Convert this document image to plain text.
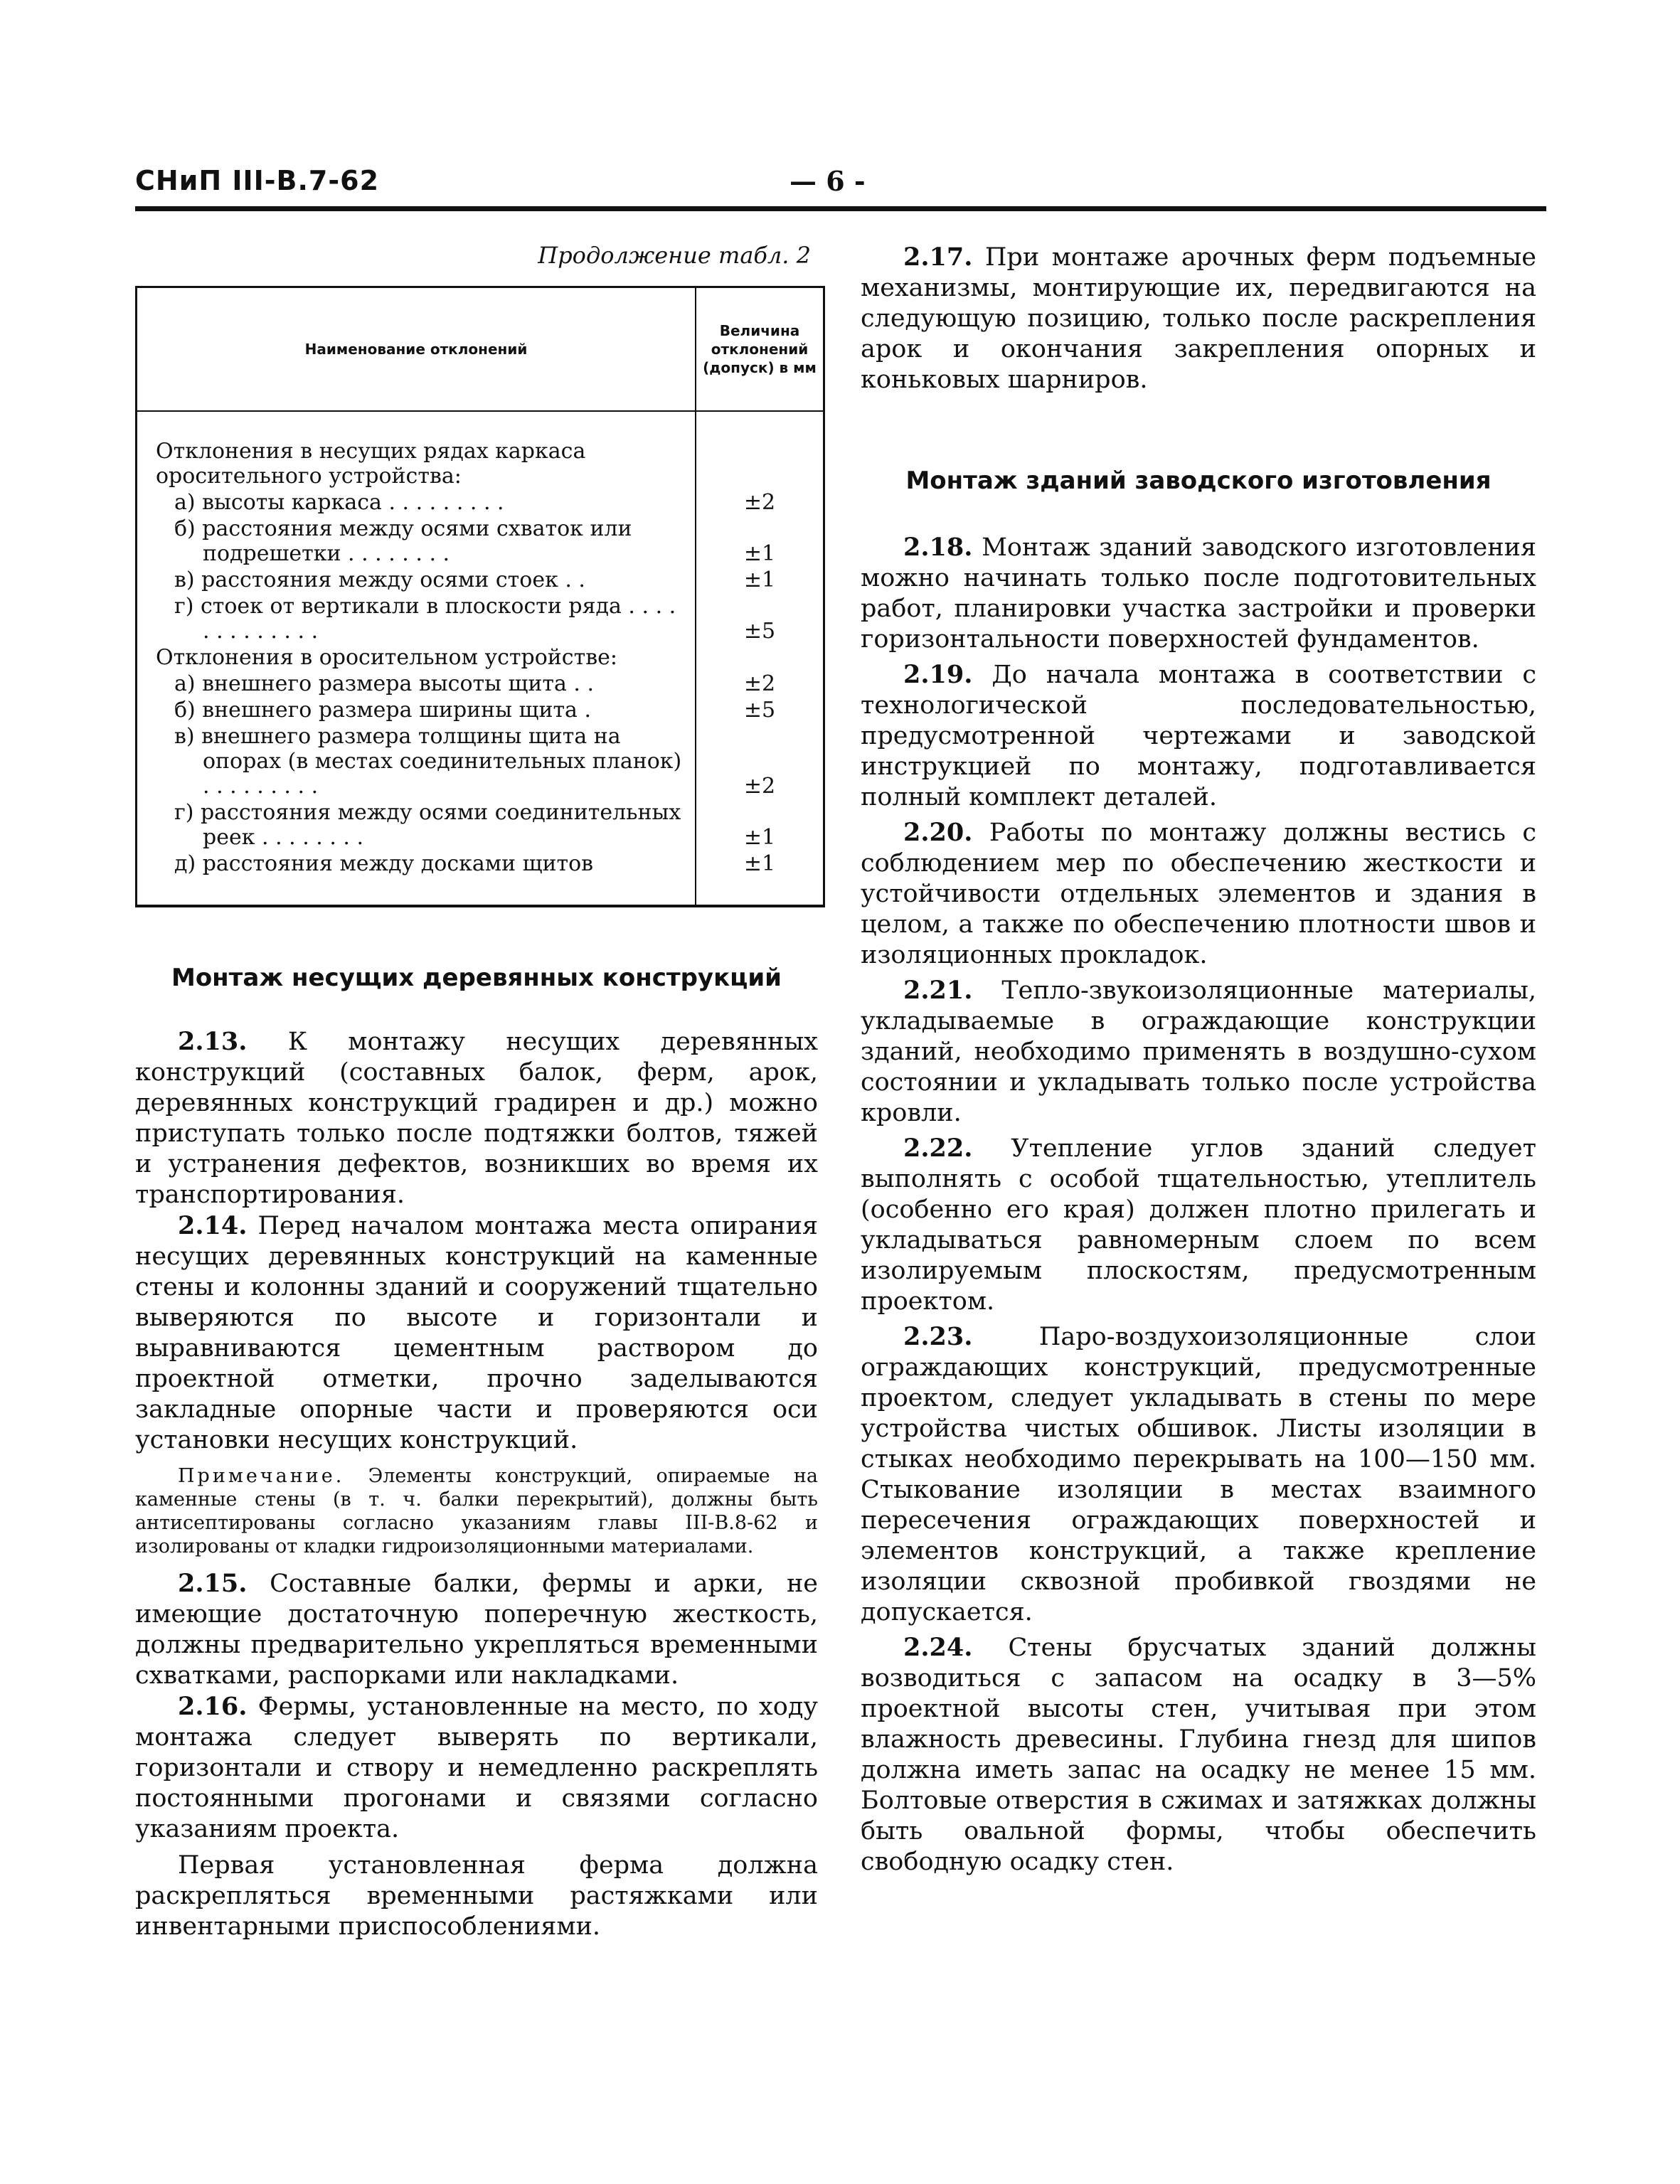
СНиП III-В.7-62	— 6 -
Продолжение табл. 2
Наименование отклонений	Величина отклонений (допуск) в мм
Отклонения в несущих рядах каркаса оросительного устройства:	
а) высоты каркаса . . . . . . . . .	±2
б) расстояния между осями схваток или подрешетки . . . . . . . .	±1
в) расстояния между осями стоек . .	±1
г) стоек от вертикали в плоскости ряда . . . . . . . . . . . . .	±5
Отклонения в оросительном устройстве:	
а) внешнего размера высоты щита . .	±2
б) внешнего размера ширины щита .	±5
в) внешнего размера толщины щита на опорах (в местах соединительных планок) . . . . . . . . .	±2
г) расстояния между осями соединительных реек . . . . . . . .	±1
д) расстояния между досками щитов	±1
Монтаж несущих деревянных конструкций

2.13. К монтажу несущих деревянных конструкций (составных балок, ферм, арок, деревянных конструкций градирен и др.) можно приступать только после подтяжки болтов, тяжей и устранения дефектов, возникших во время их транспортирования.

2.14. Перед началом монтажа места опирания несущих деревянных конструкций на каменные стены и колонны зданий и сооружений тщательно выверяются по высоте и горизонтали и выравниваются цементным раствором до проектной отметки, прочно заделываются закладные опорные части и проверяются оси установки несущих конструкций.

Примечание. Элементы конструкций, опираемые на каменные стены (в т. ч. балки перекрытий), должны быть антисептированы согласно указаниям главы III-В.8-62 и изолированы от кладки гидроизоляционными материалами.

2.15. Составные балки, фермы и арки, не имеющие достаточную поперечную жесткость, должны предварительно укрепляться временными схватками, распорками или накладками.

2.16. Фермы, установленные на место, по ходу монтажа следует выверять по вертикали, горизонтали и створу и немедленно раскреплять постоянными прогонами и связями согласно указаниям проекта.

Первая установленная ферма должна раскрепляться временными растяжками или инвентарными приспособлениями.

2.17. При монтаже арочных ферм подъемные механизмы, монтирующие их, передвигаются на следующую позицию, только после раскрепления арок и окончания закрепления опорных и коньковых шарниров.

Монтаж зданий заводского изготовления

2.18. Монтаж зданий заводского изготовления можно начинать только после подготовительных работ, планировки участка застройки и проверки горизонтальности поверхностей фундаментов.

2.19. До начала монтажа в соответствии с технологической последовательностью, предусмотренной чертежами и заводской инструкцией по монтажу, подготавливается полный комплект деталей.

2.20. Работы по монтажу должны вестись с соблюдением мер по обеспечению жесткости и устойчивости отдельных элементов и здания в целом, а также по обеспечению плотности швов и изоляционных прокладок.

2.21. Тепло-звукоизоляционные материалы, укладываемые в ограждающие конструкции зданий, необходимо применять в воздушно-сухом состоянии и укладывать только после устройства кровли.

2.22. Утепление углов зданий следует выполнять с особой тщательностью, утеплитель (особенно его края) должен плотно прилегать и укладываться равномерным слоем по всем изолируемым плоскостям, предусмотренным проектом.

2.23.	Паро-воздухоизоляционные слои ограждающих конструкций, предусмотренные проектом, следует укладывать в стены по мере устройства чистых обшивок. Листы изоляции в стыках необходимо перекрывать на 100—150 мм. Стыкование изоляции в местах взаимного пересечения ограждающих поверхностей и элементов конструкций, а также крепление изоляции сквозной пробивкой гвоздями не допускается.

2.24. Стены брусчатых зданий должны возводиться с запасом на осадку в 3—5% проектной высоты стен, учитывая при этом влажность древесины. Глубина гнезд для шипов должна иметь запас на осадку не менее 15 мм. Болтовые отверстия в сжимах и затяжках должны быть овальной формы, чтобы обеспечить свободную осадку стен.
